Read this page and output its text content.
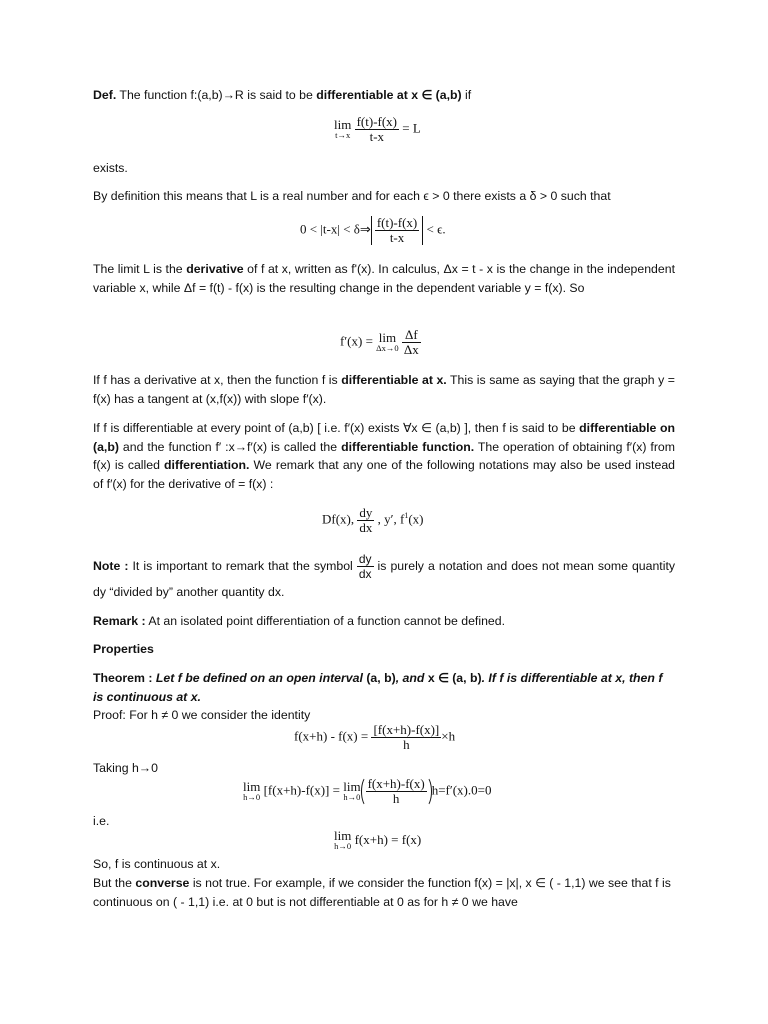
Def. The function f:(a,b)→R is said to be differentiable at x ∈ (a,b) if

lim
t→x
$\frac{f(t)-f(x)}{t-x} = L$

exists.

By definition this means that L is a real number and for each ϵ > 0 there exists a δ > 0 such that

0 < |t-x| < δ⇒ $\frac{f(t)-f(x)}{t-x} < \epsilon$.

The limit L is the derivative of f at x, written as f'(x). In calculus, Δx = t - x is the change in the independent variable x, while Δf = f(t) - f(x) is the resulting change in the dependent variable y = f(x). So

f′(x) = lim
Δx→0
$\frac{\Delta f}{\Delta x}$

If f has a derivative at x, then the function f is differentiable at x. This is same as saying that the graph y = f(x) has a tangent at (x,f(x)) with slope f′(x).

If f is differentiable at every point of (a,b) [ i.e. f′(x) exists ∀x ∈ (a,b) ], then f is said to be differentiable on (a,b) and the function f′ :x→f′(x) is called the differentiable function. The operation of obtaining f′(x) from f(x) is called differentiation. We remark that any one of the following notations may also be used instead of f′(x) for the derivative of = f(x) :

Df(x), $\frac{dy}{dx}$ , y′, $f^1(x)$

Note : It is important to remark that the symbol $\frac{dy}{dx}$ is purely a notation and does not mean some quantity dy “divided by” another quantity dx.

Remark : At an isolated point differentiation of a function cannot be defined.

Properties

Theorem : Let f be defined on an open interval (a, b), and x ∈ (a, b). If f is differentiable at x, then f is continuous at x.

Proof: For h ≠ 0 we consider the identity

$f(x+h) - f(x) = \frac{[f(x+h)-f(x)]}{h} \times h$

Taking h→0

lim
h→0 [f(x+h)-f(x)] = lim
$h\to 0 \frac{f(x+h)-f(x)}{h} h=f'(x).0=0$

i.e.

lim
h→0 f(x+h) = f(x)

So, f is continuous at x.

But the converse is not true. For example, if we consider the function f(x) = |x|, x ∈ ( - 1,1) we see that f is continuous on ( - 1,1) i.e. at 0 but is not differentiable at 0 as for h ≠ 0 we have
